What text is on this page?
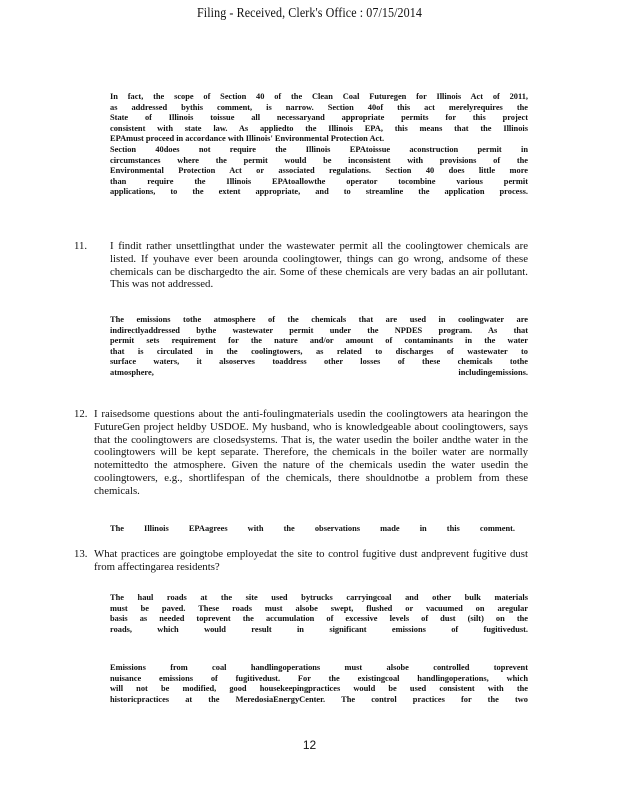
Filing - Received, Clerk's Office : 07/15/2014

In fact, the scope of Section 40 of the Clean Coal Futuregen for Illinois Act of 2011,

as addressed bythis comment, is narrow. Section 40of this act merelyrequires the

State of Illinois toissue all necessaryand appropriate permits for this project

consistent with state law. As appliedto the Illinois EPA, this means that the Illinois

EPAmust proceed in accordance with Illinois' Environmental Protection Act.

Section 40does not require the Illinois EPAtoissue aconstruction permit in

circumstances where the permit would be inconsistent with provisions of the

Environmental Protection Act or associated regulations. Section 40 does little more

than require the Illinois EPAtoallowthe operator tocombine various permit

applications, to the extent appropriate, and to streamline the application process.

11. I findit rather unsettlingthat under the wastewater permit all the coolingtower chemicals are listed. If youhave ever been arounda coolingtower, things can go wrong, andsome of these chemicals can be dischargedto the air. Some of these chemicals are very badas an air pollutant. This was not addressed.

The emissions tothe atmosphere of the chemicals that are used in coolingwater are

indirectlyaddressed bythe wastewater permit under the NPDES program. As that

permit sets requirement for the nature and/or amount of contaminants in the water

that is circulated in the coolingtowers, as related to discharges of wastewater to

surface waters, it alsoserves toaddress other losses of these chemicals tothe

atmosphere, includingemissions.

12. I raisedsome questions about the anti-foulingmaterials usedin the coolingtowers ata hearingon the FutureGen project heldby USDOE. My husband, who is knowledgeable about coolingtowers, says that the coolingtowers are closedsystems. That is, the water usedin the boiler andthe water in the coolingtowers will be kept separate. Therefore, the chemicals in the boiler water are normally notemittedto the atmosphere. Given the nature of the chemicals usedin the water usedin the coolingtowers, e.g., shortlifespan of the chemicals, there shouldnotbe a problem from these chemicals.

The Illinois EPAagrees with the observations made in this comment.

13. What practices are goingtobe employedat the site to control fugitive dust andprevent fugitive dust from affectingarea residents?

The haul roads at the site used bytrucks carryingcoal and other bulk materials

must be paved. These roads must alsobe swept, flushed or vacuumed on aregular

basis as needed toprevent the accumulation of excessive levels of dust (silt) on the

roads, which would result in significant emissions of fugitivedust.

Emissions from coal handlingoperations must alsobe controlled toprevent

nuisance emissions of fugitivedust. For the existingcoal handlingoperations, which

will not be modified, good housekeepingpractices would be used consistent with the

historicpractices at the MeredosiaEnergyCenter. The control practices for the two

12
